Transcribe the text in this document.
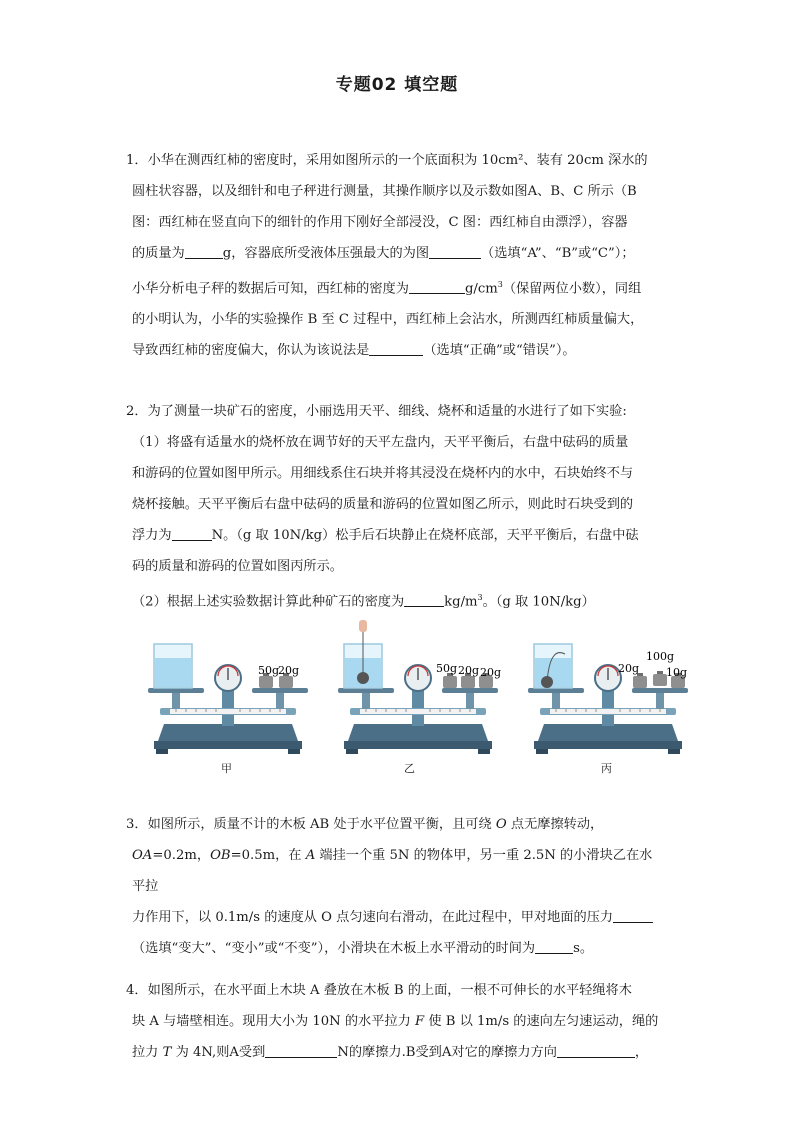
专题02 填空题

1．小华在测西红柿的密度时，采用如图所示的一个底面积为 10cm²、装有 20cm 深水的

圆柱状容器，以及细针和电子秤进行测量，其操作顺序以及示数如图A、B、C 所示（B

图：西红柿在竖直向下的细针的作用下刚好全部浸没，C 图：西红柿自由漂浮），容器

的质量为	g，容器底所受液体压强最大的为图	（选填“A”、“B”或“C”）；

小华分析电子秤的数据后可知，西红柿的密度为	$g/cm^3$（保留两位小数），同组

的小明认为，小华的实验操作 B 至 C 过程中，西红柿上会沾水，所测西红柿质量偏大，

导致西红柿的密度偏大，你认为该说法是	（选填“正确”或“错误”）。

2．为了测量一块矿石的密度，小丽选用天平、细线、烧杯和适量的水进行了如下实验:

（1）将盛有适量水的烧杯放在调节好的天平左盘内，天平平衡后，右盘中砝码的质量

和游码的位置如图甲所示。用细线系住石块并将其浸没在烧杯内的水中，石块始终不与

烧杯接触。天平平衡后右盘中砝码的质量和游码的位置如图乙所示，则此时石块受到的

浮力为	N。（g 取 10N/kg）松手后石块静止在烧杯底部，天平平衡后，右盘中砝

码的质量和游码的位置如图丙所示。

（2）根据上述实验数据计算此种矿石的密度为	$kg/m^3$。（g 取 10N/kg）

50g
20g	50g 20g 20g	20g
100g
10g
甲	乙	丙

3．如图所示，质量不计的木板 AB 处于水平位置平衡，且可绕 O 点无摩擦转动，

OA=0.2m，OB=0.5m，在 A 端挂一个重 5N 的物体甲，另一重 2.5N 的小滑块乙在水平拉

力作用下，以 0.1m/s 的速度从 O 点匀速向右滑动，在此过程中，甲对地面的压力

（选填“变大”、“变小”或“不变”），小滑块在木板上水平滑动的时间为	s。

4．如图所示，在水平面上木块 A 叠放在木板 B 的上面，一根不可伸长的水平轻绳将木

块 A 与墙壁相连。现用大小为 10N 的水平拉力 F 使 B 以 1m/s 的速向左匀速运动，绳的

拉力 T 为 4N,则A受到	N的摩擦力.B受到A对它的摩擦力方向	，
